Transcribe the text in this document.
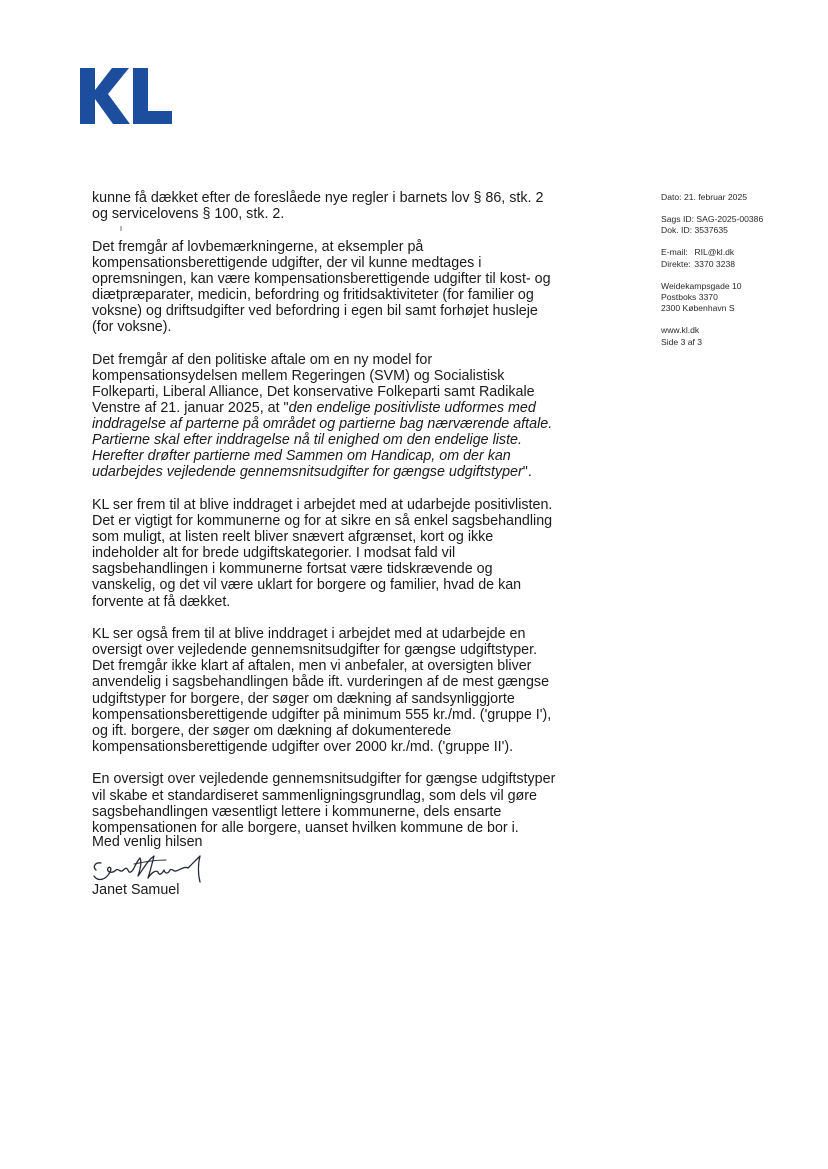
kunne få dækket efter de foreslåede nye regler i barnets lov § 86, stk. 2 og servicelovens § 100, stk. 2.

Det fremgår af lovbemærkningerne, at eksempler på kompensationsberettigende udgifter, der vil kunne medtages i opremsningen, kan være kompensationsberettigende udgifter til kost- og diætpræparater, medicin, befordring og fritidsaktiviteter (for familier og voksne) og driftsudgifter ved befordring i egen bil samt forhøjet husleje (for voksne).

Det fremgår af den politiske aftale om en ny model for kompensationsydelsen mellem Regeringen (SVM) og Socialistisk Folkeparti, Liberal Alliance, Det konservative Folkeparti samt Radikale Venstre af 21. januar 2025, at "den endelige positivliste udformes med inddragelse af parterne på området og partierne bag nærværende aftale. Partierne skal efter inddragelse nå til enighed om den endelige liste. Herefter drøfter partierne med Sammen om Handicap, om der kan udarbejdes vejledende gennemsnitsudgifter for gængse udgiftstyper".

KL ser frem til at blive inddraget i arbejdet med at udarbejde positivlisten. Det er vigtigt for kommunerne og for at sikre en så enkel sagsbehandling som muligt, at listen reelt bliver snævert afgrænset, kort og ikke indeholder alt for brede udgiftskategorier. I modsat fald vil sagsbehandlingen i kommunerne fortsat være tidskrævende og vanskelig, og det vil være uklart for borgere og familier, hvad de kan forvente at få dækket.

KL ser også frem til at blive inddraget i arbejdet med at udarbejde en oversigt over vejledende gennemsnitsudgifter for gængse udgiftstyper. Det fremgår ikke klart af aftalen, men vi anbefaler, at oversigten bliver anvendelig i sagsbehandlingen både ift. vurderingen af de mest gængse udgiftstyper for borgere, der søger om dækning af sandsynliggjorte kompensationsberettigende udgifter på minimum 555 kr./md. ('gruppe I'), og ift. borgere, der søger om dækning af dokumenterede kompensationsberettigende udgifter over 2000 kr./md. ('gruppe II').

En oversigt over vejledende gennemsnitsudgifter for gængse udgiftstyper vil skabe et standardiseret sammenligningsgrundlag, som dels vil gøre sagsbehandlingen væsentligt lettere i kommunerne, dels ensarte kompensationen for alle borgere, uanset hvilken kommune de bor i.

Dato: 21. februar 2025
Sags ID: SAG-2025-00386
Dok. ID: 3537635
E-mail: RIL@kl.dk
Direkte: 3370 3238
Weidekampsgade 10
Postboks 3370
2300 København S
www.kl.dk
Side 3 af 3
Med venlig hilsen
Janet Samuel
